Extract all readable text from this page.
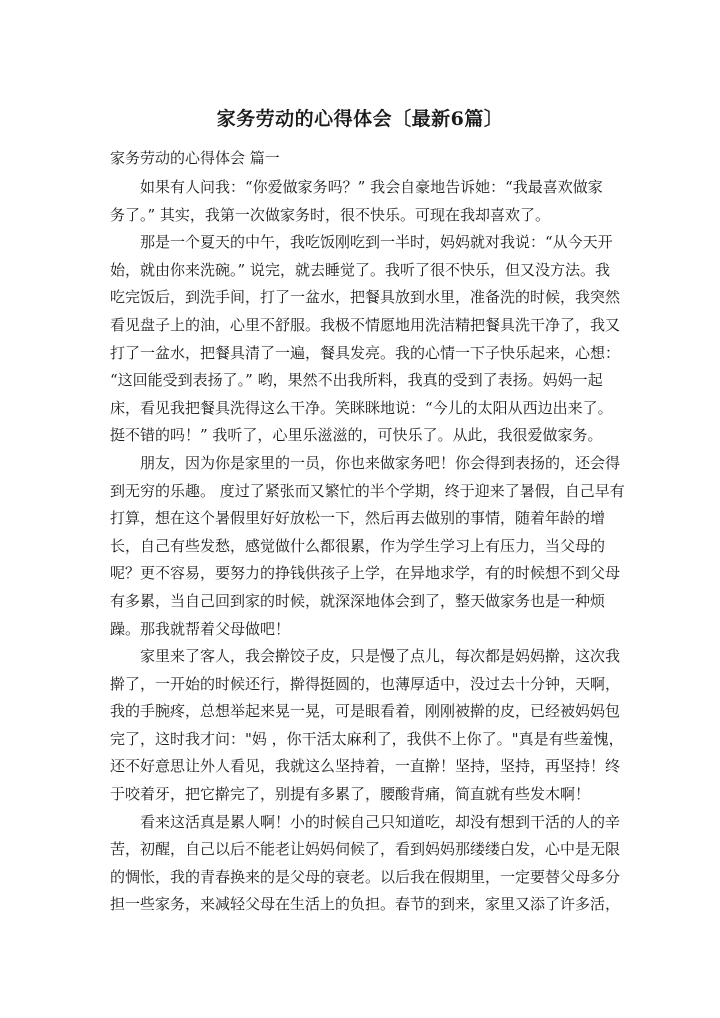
家务劳动的心得体会〔最新6篇〕
家务劳动的心得体会 篇一

如果有人问我：“你爱做家务吗？” 我会自豪地告诉她：“我最喜欢做家
务了。” 其实，我第一次做家务时，很不快乐。可现在我却喜欢了。

那是一个夏天的中午，我吃饭刚吃到一半时，妈妈就对我说：“从今天开
始，就由你来洗碗。” 说完，就去睡觉了。我听了很不快乐，但又没方法。我
吃完饭后，到洗手间，打了一盆水，把餐具放到水里，准备洗的时候，我突然
看见盘子上的油，心里不舒服。我极不情愿地用洗洁精把餐具洗干净了，我又
打了一盆水，把餐具清了一遍，餐具发亮。我的心情一下子快乐起来，心想：
“这回能受到表扬了。” 哟，果然不出我所料，我真的受到了表扬。妈妈一起
床，看见我把餐具洗得这么干净。笑眯眯地说：“今儿的太阳从西边出来了。
挺不错的吗！” 我听了，心里乐滋滋的，可快乐了。从此，我很爱做家务。

朋友，因为你是家里的一员，你也来做家务吧！你会得到表扬的，还会得
到无穷的乐趣。 度过了紧张而又繁忙的半个学期，终于迎来了暑假，自己早有
打算，想在这个暑假里好好放松一下，然后再去做别的事情，随着年龄的增
长，自己有些发愁，感觉做什么都很累，作为学生学习上有压力，当父母的
呢？更不容易，要努力的挣钱供孩子上学，在异地求学，有的时候想不到父母
有多累，当自己回到家的时候，就深深地体会到了，整天做家务也是一种烦
躁。那我就帮着父母做吧！

家里来了客人，我会擀饺子皮，只是慢了点儿，每次都是妈妈擀，这次我
擀了，一开始的时候还行，擀得挺圆的，也薄厚适中，没过去十分钟，天啊，
我的手腕疼，总想举起来晃一晃，可是眼看着，刚刚被擀的皮，已经被妈妈包
完了，这时我才问："妈 ，你干活太麻利了，我供不上你了。"真是有些羞愧，
还不好意思让外人看见，我就这么坚持着，一直擀！坚持，坚持，再坚持！终
于咬着牙，把它擀完了，别提有多累了，腰酸背痛，简直就有些发木啊！

看来这活真是累人啊！小的时候自己只知道吃，却没有想到干活的人的辛
苦，初醒，自己以后不能老让妈妈伺候了，看到妈妈那缕缕白发，心中是无限
的惆怅，我的青春换来的是父母的衰老。以后我在假期里，一定要替父母多分
担一些家务，来减轻父母在生活上的负担。春节的到来，家里又添了许多活，
